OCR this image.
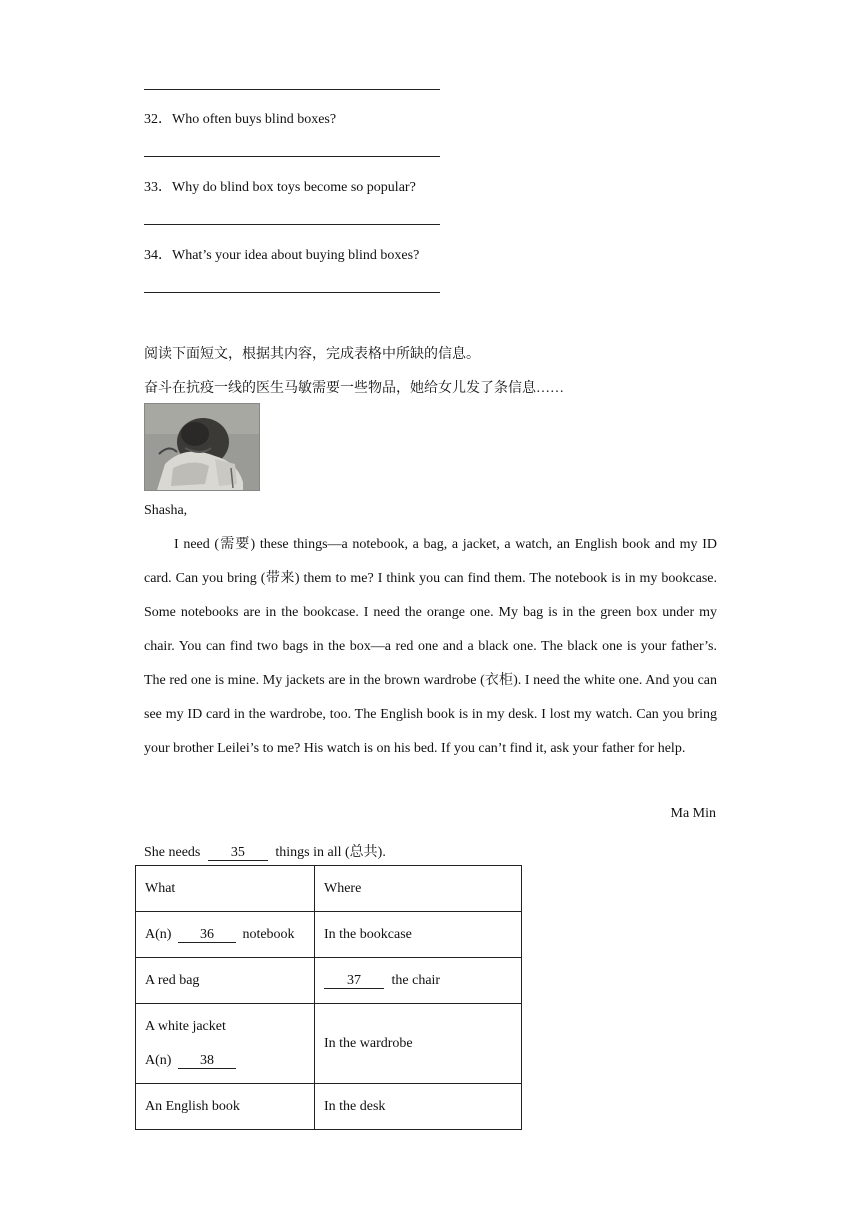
32．Who often buys blind boxes?
33．Why do blind box toys become so popular?
34．What’s your idea about buying blind boxes?
阅读下面短文，根据其内容，完成表格中所缺的信息。
奋斗在抗疫一线的医生马敏需要一些物品，她给女儿发了条信息……
Shasha,
I need (需要) these things—a notebook, a bag, a jacket, a watch, an English book and my ID card. Can you bring (带来) them to me? I think you can find them. The notebook is in my bookcase. Some notebooks are in the bookcase. I need the orange one. My bag is in the green box under my chair. You can find two bags in the box—a red one and a black one. The black one is your father’s. The red one is mine. My jackets are in the brown wardrobe (衣柜). I need the white one. And you can see my ID card in the wardrobe, too. The English book is in my desk. I lost my watch. Can you bring your brother Leilei’s to me? His watch is on his bed. If you can’t find it, ask your father for help.
Ma Min
She needs 35 things in all (总共).
What	Where
A(n) 36 notebook	In the bookcase
A red bag	37 the chair

A white jacket
A(n) 38	In the wardrobe
An English book	In the desk
